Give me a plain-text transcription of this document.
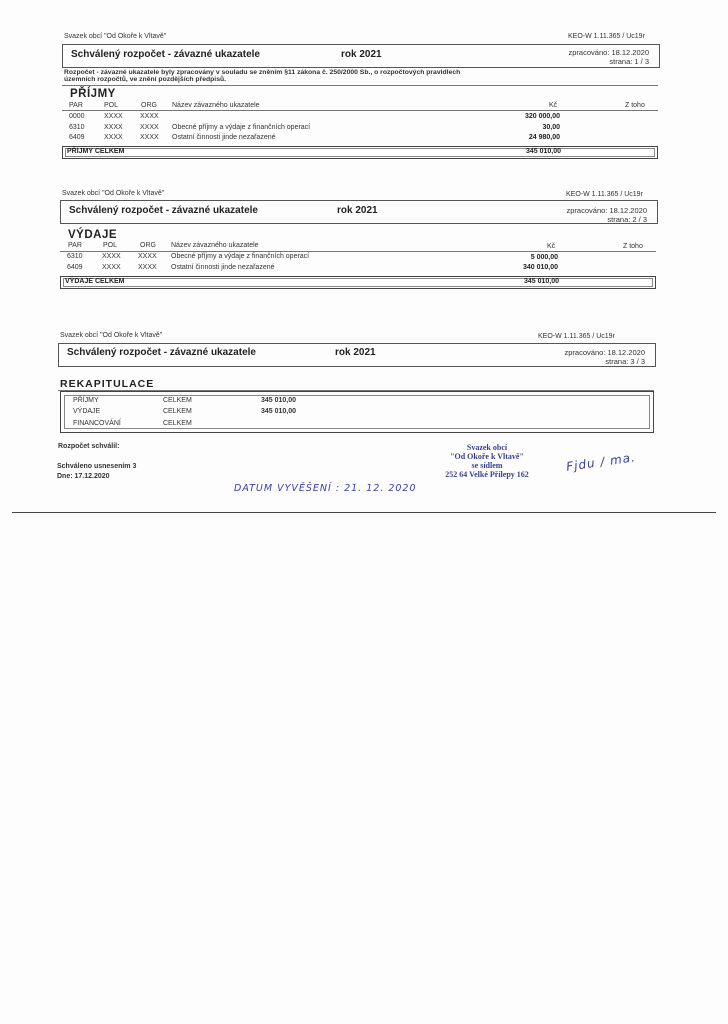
Svazek obcí "Od Okoře k Vltavě"	KEO-W 1.11.365 / Uc19r
Schválený rozpočet - závazné ukazatele	rok 2021	zpracováno: 18.12.2020
strana: 1 / 3
Rozpočet - závazné ukazatele byly zpracovány v souladu se zněním §11 zákona č. 250/2000 Sb., o rozpočtových pravidlech
územních rozpočtů, ve znění pozdějších předpisů.
PŘÍJMY
PAR	POL	ORG Název závazného ukazatele	Kč	Z toho
0000	XXXX XXXX	320 000,00
6310	XXXX XXXX Obecné příjmy a výdaje z finančních operací	30,00
6409	XXXX XXXX Ostatní činnosti jinde nezařazené	24 980,00
PŘÍJMY CELKEM	345 010,00
Svazek obcí "Od Okoře k Vltavě"	KEO-W 1.11.365 / Uc19r
Schválený rozpočet - závazné ukazatele	rok 2021	zpracováno: 18.12.2020
strana: 2 / 3
VÝDAJE
PAR	POL	ORG Název závazného ukazatele	Kč	Z toho
6310	XXXX XXXX Obecné příjmy a výdaje z finančních operací	5 000,00
6409	XXXX XXXX Ostatní činnosti jinde nezařazené	340 010,00
VÝDAJE CELKEM	345 010,00
Svazek obcí "Od Okoře k Vltavě"	KEO-W 1.11.365 / Uc19r
Schválený rozpočet - závazné ukazatele	rok 2021	zpracováno: 18.12.2020
strana: 3 / 3
REKAPITULACE
PŘÍJMY	CELKEM	345 010,00
VÝDAJE	CELKEM	345 010,00
FINANCOVÁNÍ	CELKEM
Rozpočet schválil:
Schváleno usnesením 3
Dne: 17.12.2020
Svazek obcí
"Od Okoře k Vltavě"
se sídlem
252 64 Velké Přílepy 162
Fjdu / ma.
DATUM VYVĚŠENÍ : 21. 12. 2020
